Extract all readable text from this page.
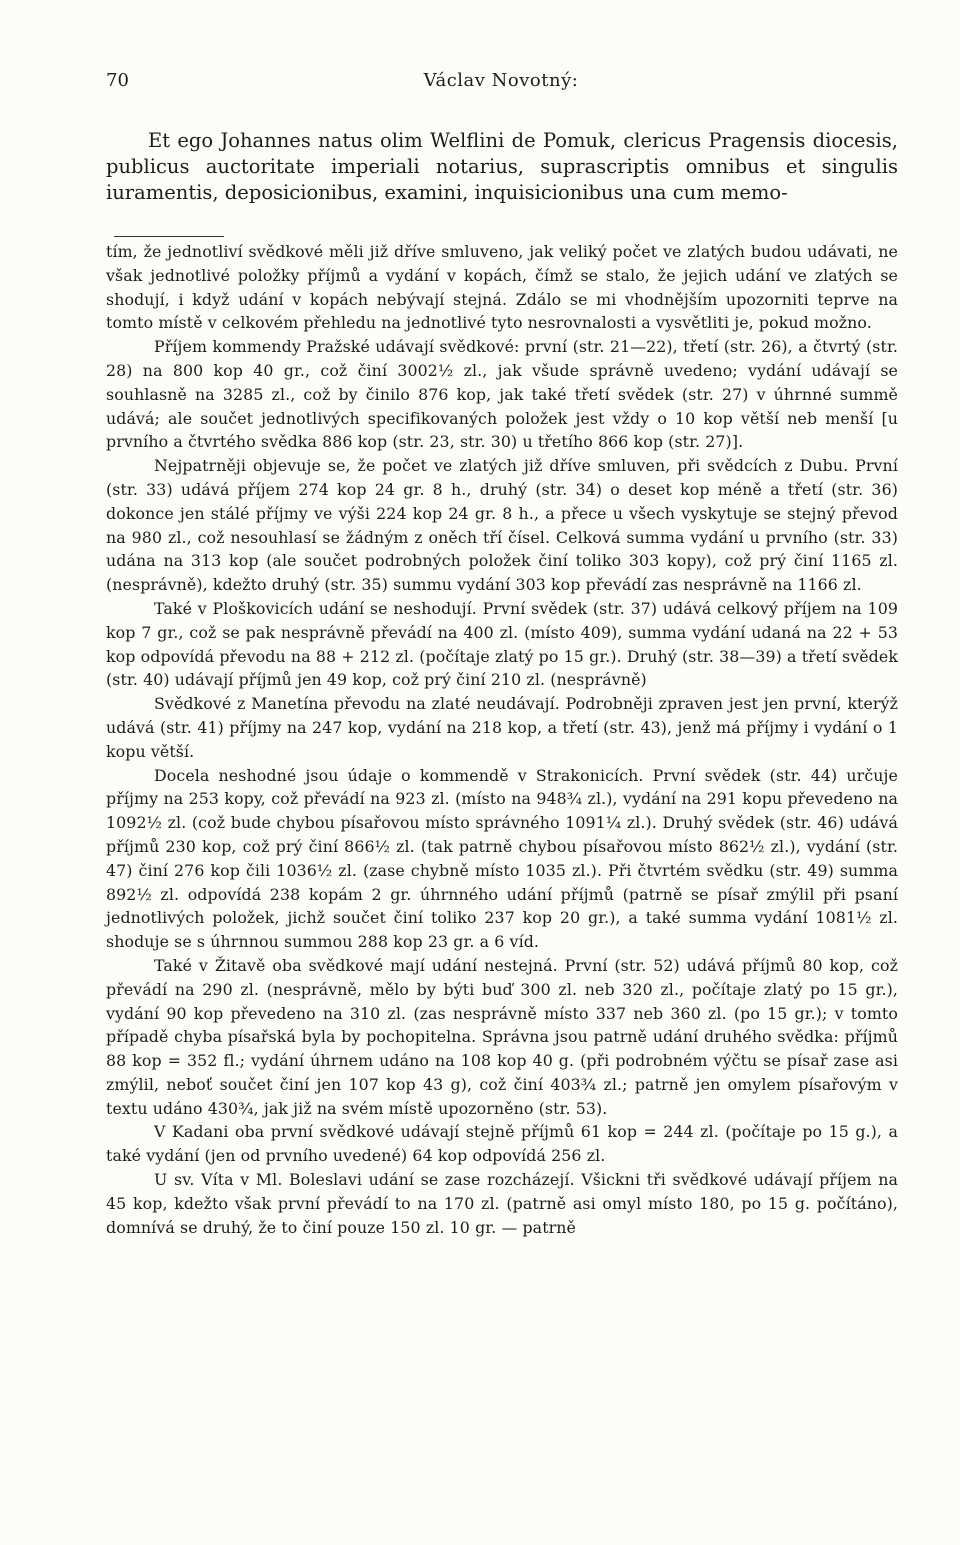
70	Václav Novotný:

Et ego Johannes natus olim Welflini de Pomuk, clericus Pragensis diocesis, publicus auctoritate imperiali notarius, suprascriptis omnibus et singulis iuramentis, deposicionibus, examini, inquisicionibus una cum memo-

tím, že jednotliví svědkové měli již dříve smluveno, jak veliký počet ve zlatých budou udávati, ne však jednotlivé položky příjmů a vydání v kopách, čímž se stalo, že jejich udání ve zlatých se shodují, i když udání v kopách nebývají stejná. Zdálo se mi vhodnějším upozorniti teprve na tomto místě v celkovém přehledu na jednotlivé tyto nesrovnalosti a vysvětliti je, pokud možno.

Příjem kommendy Pražské udávají svědkové: první (str. 21—22), třetí (str. 26), a čtvrtý (str. 28) na 800 kop 40 gr., což činí 3002½ zl., jak všude správně uvedeno; vydání udávají se souhlasně na 3285 zl., což by činilo 876 kop, jak také třetí svědek (str. 27) v úhrnné summě udává; ale součet jednotlivých specifikovaných položek jest vždy o 10 kop větší neb menší [u prvního a čtvrtého svědka 886 kop (str. 23, str. 30) u třetího 866 kop (str. 27)].

Nejpatrněji objevuje se, že počet ve zlatých již dříve smluven, při svědcích z Dubu. První (str. 33) udává příjem 274 kop 24 gr. 8 h., druhý (str. 34) o deset kop méně a třetí (str. 36) dokonce jen stálé příjmy ve výši 224 kop 24 gr. 8 h., a přece u všech vyskytuje se stejný převod na 980 zl., což nesouhlasí se žádným z oněch tří čísel. Celková summa vydání u prvního (str. 33) udána na 313 kop (ale součet podrobných položek činí toliko 303 kopy), což prý činí 1165 zl. (nesprávně), kdežto druhý (str. 35) summu vydání 303 kop převádí zas nesprávně na 1166 zl.

Také v Ploškovicích udání se neshodují. První svědek (str. 37) udává celkový příjem na 109 kop 7 gr., což se pak nesprávně převádí na 400 zl. (místo 409), summa vydání udaná na 22 + 53 kop odpovídá převodu na 88 + 212 zl. (počítaje zlatý po 15 gr.). Druhý (str. 38—39) a třetí svědek (str. 40) udávají příjmů jen 49 kop, což prý činí 210 zl. (nesprávně)

Svědkové z Manetína převodu na zlaté neudávají. Podrobněji zpraven jest jen první, kterýž udává (str. 41) příjmy na 247 kop, vydání na 218 kop, a třetí (str. 43), jenž má příjmy i vydání o 1 kopu větší.

Docela neshodné jsou údaje o kommendě v Strakonicích. První svědek (str. 44) určuje příjmy na 253 kopy, což převádí na 923 zl. (místo na 948¾ zl.), vydání na 291 kopu převedeno na 1092½ zl. (což bude chybou písařovou místo správného 1091¼ zl.). Druhý svědek (str. 46) udává příjmů 230 kop, což prý činí 866½ zl. (tak patrně chybou písařovou místo 862½ zl.), vydání (str. 47) činí 276 kop čili 1036½ zl. (zase chybně místo 1035 zl.). Při čtvrtém svědku (str. 49) summa 892½ zl. odpovídá 238 kopám 2 gr. úhrnného udání příjmů (patrně se písař zmýlil při psaní jednotlivých položek, jichž součet činí toliko 237 kop 20 gr.), a také summa vydání 1081½ zl. shoduje se s úhrnnou summou 288 kop 23 gr. a 6 víd.

Také v Žitavě oba svědkové mají udání nestejná. První (str. 52) udává příjmů 80 kop, což převádí na 290 zl. (nesprávně, mělo by býti buď 300 zl. neb 320 zl., počítaje zlatý po 15 gr.), vydání 90 kop převedeno na 310 zl. (zas nesprávně místo 337 neb 360 zl. (po 15 gr.); v tomto případě chyba písařská byla by pochopitelna. Správna jsou patrně udání druhého svědka: příjmů 88 kop = 352 fl.; vydání úhrnem udáno na 108 kop 40 g. (při podrobném výčtu se písař zase asi zmýlil, neboť součet činí jen 107 kop 43 g), což činí 403¾ zl.; patrně jen omylem písařovým v textu udáno 430¾, jak již na svém místě upozorněno (str. 53).

V Kadani oba první svědkové udávají stejně příjmů 61 kop = 244 zl. (počítaje po 15 g.), a také vydání (jen od prvního uvedené) 64 kop odpovídá 256 zl.

U sv. Víta v Ml. Boleslavi udání se zase rozcházejí. Všickni tři svědkové udávají příjem na 45 kop, kdežto však první převádí to na 170 zl. (patrně asi omyl místo 180, po 15 g. počítáno), domnívá se druhý, že to činí pouze 150 zl. 10 gr. — patrně
